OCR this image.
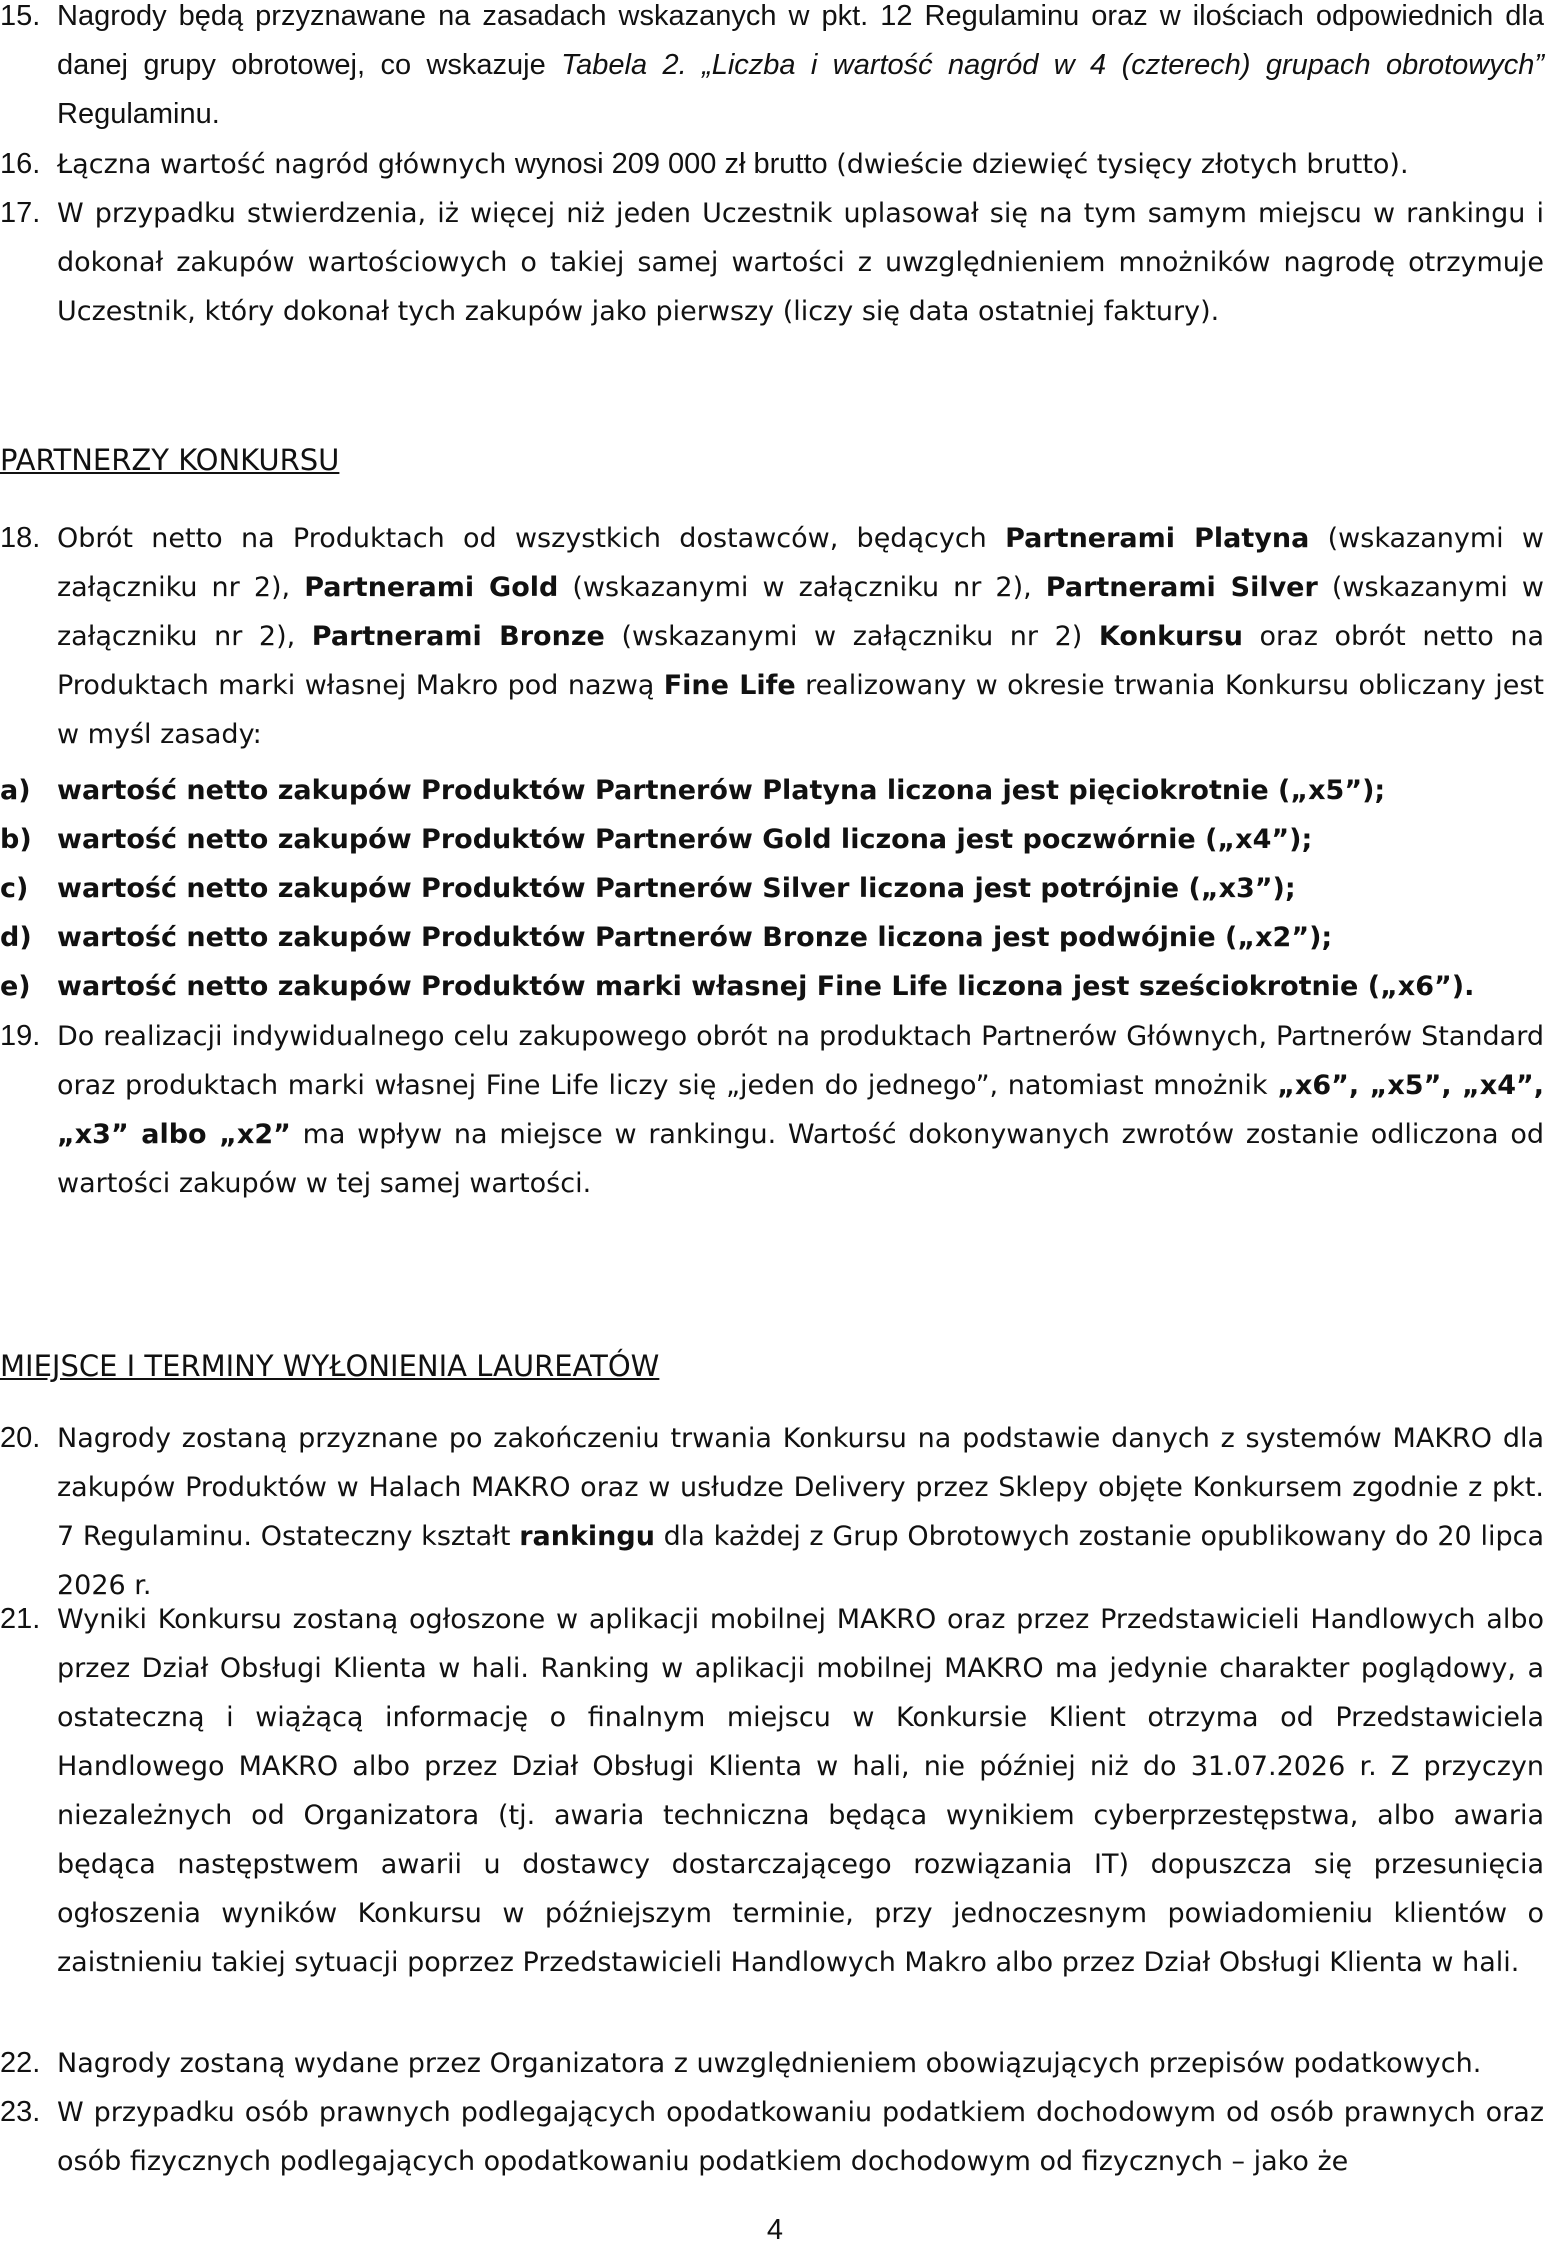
15. Nagrody będą przyznawane na zasadach wskazanych w pkt. 12 Regulaminu oraz w ilościach odpowiednich dla danej grupy obrotowej, co wskazuje Tabela 2. „Liczba i wartość nagród w 4 (czterech) grupach obrotowych” Regulaminu.
16. Łączna wartość nagród głównych wynosi 209 000 zł brutto (dwieście dziewięć tysięcy złotych brutto).
17. W przypadku stwierdzenia, iż więcej niż jeden Uczestnik uplasował się na tym samym miejscu w rankingu i dokonał zakupów wartościowych o takiej samej wartości z uwzględnieniem mnożników nagrodę otrzymuje Uczestnik, który dokonał tych zakupów jako pierwszy (liczy się data ostatniej faktury).
PARTNERZY KONKURSU
18. Obrót netto na Produktach od wszystkich dostawców, będących Partnerami Platyna (wskazanymi w załączniku nr 2), Partnerami Gold (wskazanymi w załączniku nr 2), Partnerami Silver (wskazanymi w załączniku nr 2), Partnerami Bronze (wskazanymi w załączniku nr 2) Konkursu oraz obrót netto na Produktach marki własnej Makro pod nazwą Fine Life realizowany w okresie trwania Konkursu obliczany jest w myśl zasady:
a) wartość netto zakupów Produktów Partnerów Platyna liczona jest pięciokrotnie („x5”);
b) wartość netto zakupów Produktów Partnerów Gold liczona jest poczwórnie („x4”);
c) wartość netto zakupów Produktów Partnerów Silver liczona jest potrójnie („x3”);
d) wartość netto zakupów Produktów Partnerów Bronze liczona jest podwójnie („x2”);
e) wartość netto zakupów Produktów marki własnej Fine Life liczona jest sześciokrotnie („x6”).
19. Do realizacji indywidualnego celu zakupowego obrót na produktach Partnerów Głównych, Partnerów Standard oraz produktach marki własnej Fine Life liczy się „jeden do jednego”, natomiast mnożnik „x6”, „x5”, „x4”, „x3” albo „x2” ma wpływ na miejsce w rankingu. Wartość dokonywanych zwrotów zostanie odliczona od wartości zakupów w tej samej wartości.
MIEJSCE I TERMINY WYŁONIENIA LAUREATÓW
20. Nagrody zostaną przyznane po zakończeniu trwania Konkursu na podstawie danych z systemów MAKRO dla zakupów Produktów w Halach MAKRO oraz w usłudze Delivery przez Sklepy objęte Konkursem zgodnie z pkt. 7 Regulaminu. Ostateczny kształt rankingu dla każdej z Grup Obrotowych zostanie opublikowany do 20 lipca 2026 r.
21. Wyniki Konkursu zostaną ogłoszone w aplikacji mobilnej MAKRO oraz przez Przedstawicieli Handlowych albo przez Dział Obsługi Klienta w hali. Ranking w aplikacji mobilnej MAKRO ma jedynie charakter poglądowy, a ostateczną i wiążącą informację o finalnym miejscu w Konkursie Klient otrzyma od Przedstawiciela Handlowego MAKRO albo przez Dział Obsługi Klienta w hali, nie później niż do 31.07.2026 r. Z przyczyn niezależnych od Organizatora (tj. awaria techniczna będąca wynikiem cyberprzestępstwa, albo awaria będąca następstwem awarii u dostawcy dostarczającego rozwiązania IT) dopuszcza się przesunięcia ogłoszenia wyników Konkursu w późniejszym terminie, przy jednoczesnym powiadomieniu klientów o zaistnieniu takiej sytuacji poprzez Przedstawicieli Handlowych Makro albo przez Dział Obsługi Klienta w hali.
22. Nagrody zostaną wydane przez Organizatora z uwzględnieniem obowiązujących przepisów podatkowych.
23. W przypadku osób prawnych podlegających opodatkowaniu podatkiem dochodowym od osób prawnych oraz osób fizycznych podlegających opodatkowaniu podatkiem dochodowym od fizycznych – jako że
4
